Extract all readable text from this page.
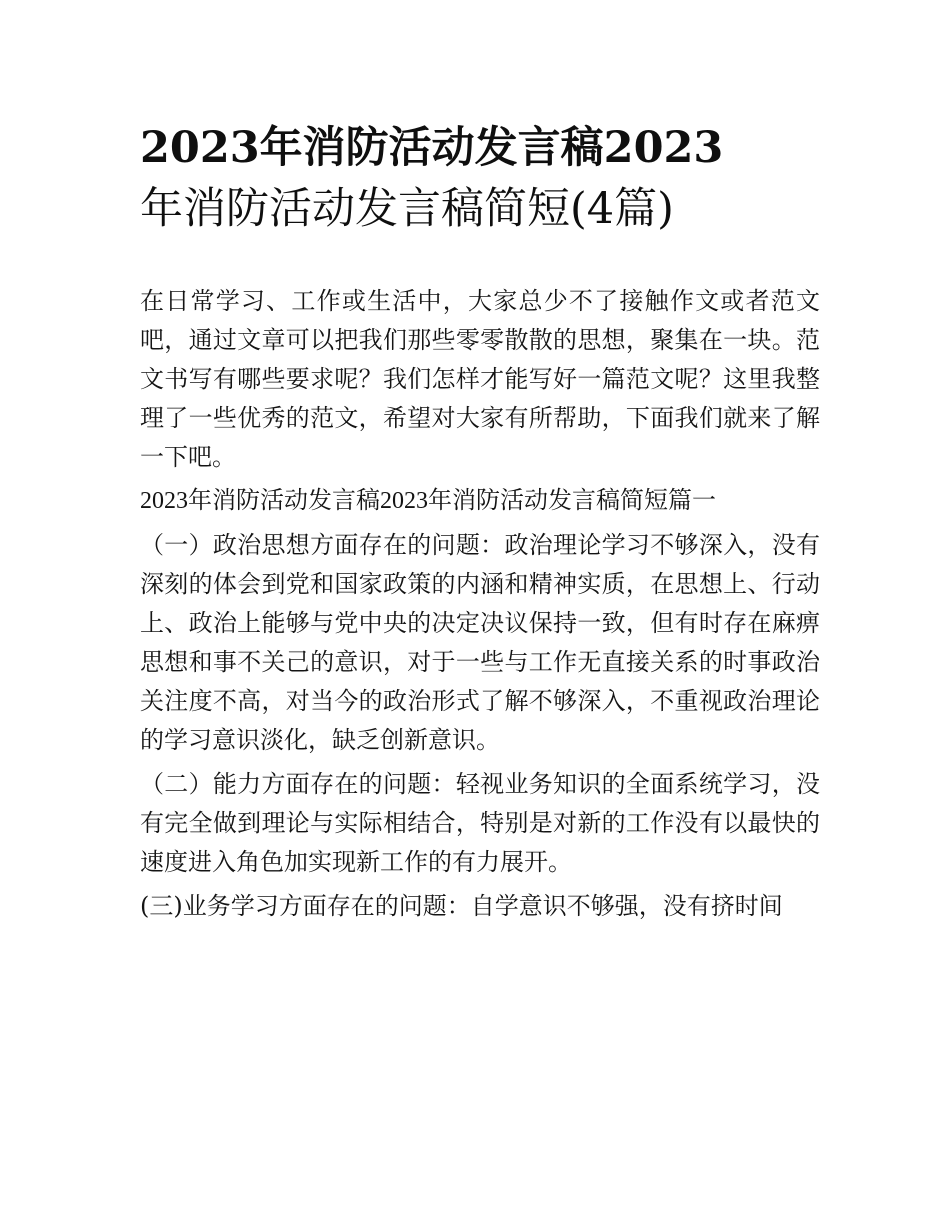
2023年消防活动发言稿2023
年消防活动发言稿简短(4篇)

在日常学习、工作或生活中，大家总少不了接触作文或者范文吧，通过文章可以把我们那些零零散散的思想，聚集在一块。范文书写有哪些要求呢？我们怎样才能写好一篇范文呢？这里我整理了一些优秀的范文，希望对大家有所帮助，下面我们就来了解一下吧。

2023年消防活动发言稿2023年消防活动发言稿简短篇一

（一）政治思想方面存在的问题：政治理论学习不够深入，没有深刻的体会到党和国家政策的内涵和精神实质，在思想上、行动上、政治上能够与党中央的决定决议保持一致，但有时存在麻痹思想和事不关己的意识，对于一些与工作无直接关系的时事政治关注度不高，对当今的政治形式了解不够深入，不重视政治理论的学习意识淡化，缺乏创新意识。

（二）能力方面存在的问题：轻视业务知识的全面系统学习，没有完全做到理论与实际相结合，特别是对新的工作没有以最快的速度进入角色加实现新工作的有力展开。

(三)业务学习方面存在的问题：自学意识不够强，没有挤时间
